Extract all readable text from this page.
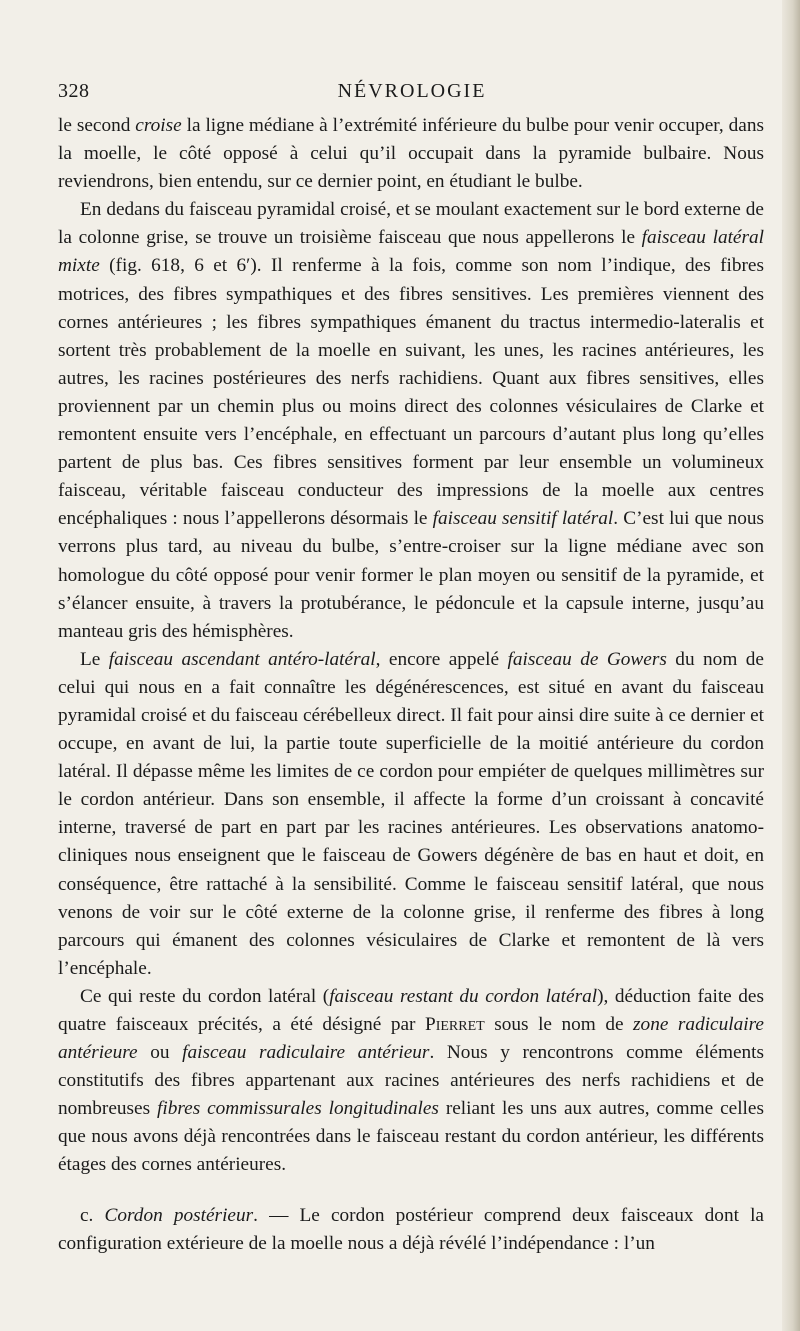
328	NÉVROLOGIE

le second croise la ligne médiane à l’extrémité inférieure du bulbe pour venir occuper, dans la moelle, le côté opposé à celui qu’il occupait dans la pyramide bulbaire. Nous reviendrons, bien entendu, sur ce dernier point, en étudiant le bulbe.

En dedans du faisceau pyramidal croisé, et se moulant exactement sur le bord externe de la colonne grise, se trouve un troisième faisceau que nous appellerons le faisceau latéral mixte (fig. 618, 6 et 6′). Il renferme à la fois, comme son nom l’indique, des fibres motrices, des fibres sympathiques et des fibres sensitives. Les premières viennent des cornes antérieures ; les fibres sympathiques émanent du tractus intermedio-lateralis et sortent très probablement de la moelle en suivant, les unes, les racines antérieures, les autres, les racines postérieures des nerfs rachidiens. Quant aux fibres sensitives, elles proviennent par un chemin plus ou moins direct des colonnes vésiculaires de Clarke et remontent ensuite vers l’encéphale, en effectuant un parcours d’autant plus long qu’elles partent de plus bas. Ces fibres sensitives forment par leur ensemble un volumineux faisceau, véritable faisceau conducteur des impressions de la moelle aux centres encéphaliques : nous l’appellerons désormais le faisceau sensitif latéral. C’est lui que nous verrons plus tard, au niveau du bulbe, s’entre-croiser sur la ligne médiane avec son homologue du côté opposé pour venir former le plan moyen ou sensitif de la pyramide, et s’élancer ensuite, à travers la protubérance, le pédoncule et la capsule interne, jusqu’au manteau gris des hémisphères.

Le faisceau ascendant antéro-latéral, encore appelé faisceau de Gowers du nom de celui qui nous en a fait connaître les dégénérescences, est situé en avant du faisceau pyramidal croisé et du faisceau cérébelleux direct. Il fait pour ainsi dire suite à ce dernier et occupe, en avant de lui, la partie toute superficielle de la moitié antérieure du cordon latéral. Il dépasse même les limites de ce cordon pour empiéter de quelques millimètres sur le cordon antérieur. Dans son ensemble, il affecte la forme d’un croissant à concavité interne, traversé de part en part par les racines antérieures. Les observations anatomo-cliniques nous enseignent que le faisceau de Gowers dégénère de bas en haut et doit, en conséquence, être rattaché à la sensibilité. Comme le faisceau sensitif latéral, que nous venons de voir sur le côté externe de la colonne grise, il renferme des fibres à long parcours qui émanent des colonnes vésiculaires de Clarke et remontent de là vers l’encéphale.

Ce qui reste du cordon latéral (faisceau restant du cordon latéral), déduction faite des quatre faisceaux précités, a été désigné par Pierret sous le nom de zone radiculaire antérieure ou faisceau radiculaire antérieur. Nous y rencontrons comme éléments constitutifs des fibres appartenant aux racines antérieures des nerfs rachidiens et de nombreuses fibres commissurales longitudinales reliant les uns aux autres, comme celles que nous avons déjà rencontrées dans le faisceau restant du cordon antérieur, les différents étages des cornes antérieures.

c. Cordon postérieur. — Le cordon postérieur comprend deux faisceaux dont la configuration extérieure de la moelle nous a déjà révélé l’indépendance : l’un
